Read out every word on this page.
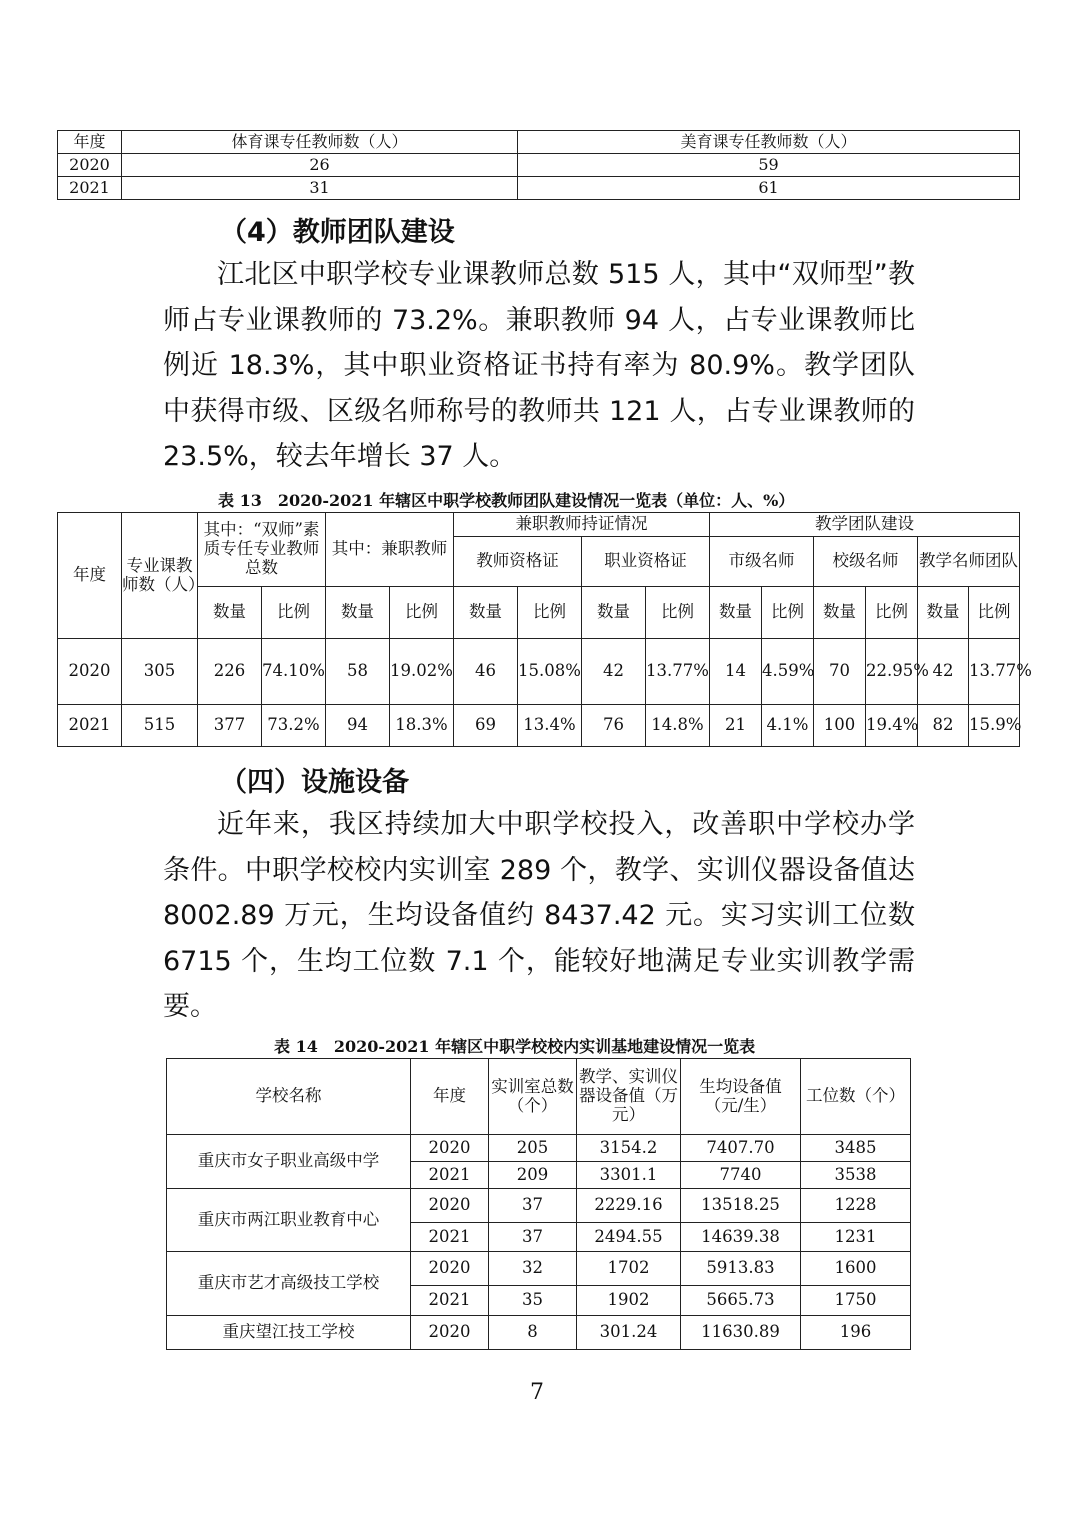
年度	体育课专任教师数（人）	美育课专任教师数（人）
2020	26	59
2021	31	61
（4）教师团队建设

江北区中职学校专业课教师总数 515 人，其中“双师型”教师占专业课教师的 73.2%。兼职教师 94 人，占专业课教师比例近 18.3%，其中职业资格证书持有率为 80.9%。教学团队中获得市级、区级名师称号的教师共 121 人，占专业课教师的 23.5%，较去年增长 37 人。

表 13　2020-2021 年辖区中职学校教师团队建设情况一览表（单位：人、%）
年度	专业课教师数（人）	其中：“双师”素质专任专业教师总数		其中：兼职教师		兼职教师持证情况				教学团队建设					
						教师资格证		职业资格证		市级名师		校级名师		教学名师团队	
		数量	比例	数量	比例	数量	比例	数量	比例	数量	比例	数量	比例	数量	比例
2020	305	226	74.10%	58	19.02%	46	15.08%	42	13.77%	14	4.59%	70	22.95%	42	13.77%
2021	515	377	73.2%	94	18.3%	69	13.4%	76	14.8%	21	4.1%	100	19.4%	82	15.9%
（四）设施设备

近年来，我区持续加大中职学校投入，改善职中学校办学条件。中职学校校内实训室 289 个，教学、实训仪器设备值达 8002.89 万元，生均设备值约 8437.42 元。实习实训工位数 6715 个，生均工位数 7.1 个，能较好地满足专业实训教学需要。

表 14　2020-2021 年辖区中职学校校内实训基地建设情况一览表
学校名称	年度	实训室总数（个）	教学、实训仪器设备值（万元）	生均设备值（元/生）	工位数（个）
重庆市女子职业高级中学	2020	205	3154.2	7407.70	3485
	2021	209	3301.1	7740	3538
重庆市两江职业教育中心	2020	37	2229.16	13518.25	1228
	2021	37	2494.55	14639.38	1231
重庆市艺才高级技工学校	2020	32	1702	5913.83	1600
	2021	35	1902	5665.73	1750
重庆望江技工学校	2020	8	301.24	11630.89	196
7
